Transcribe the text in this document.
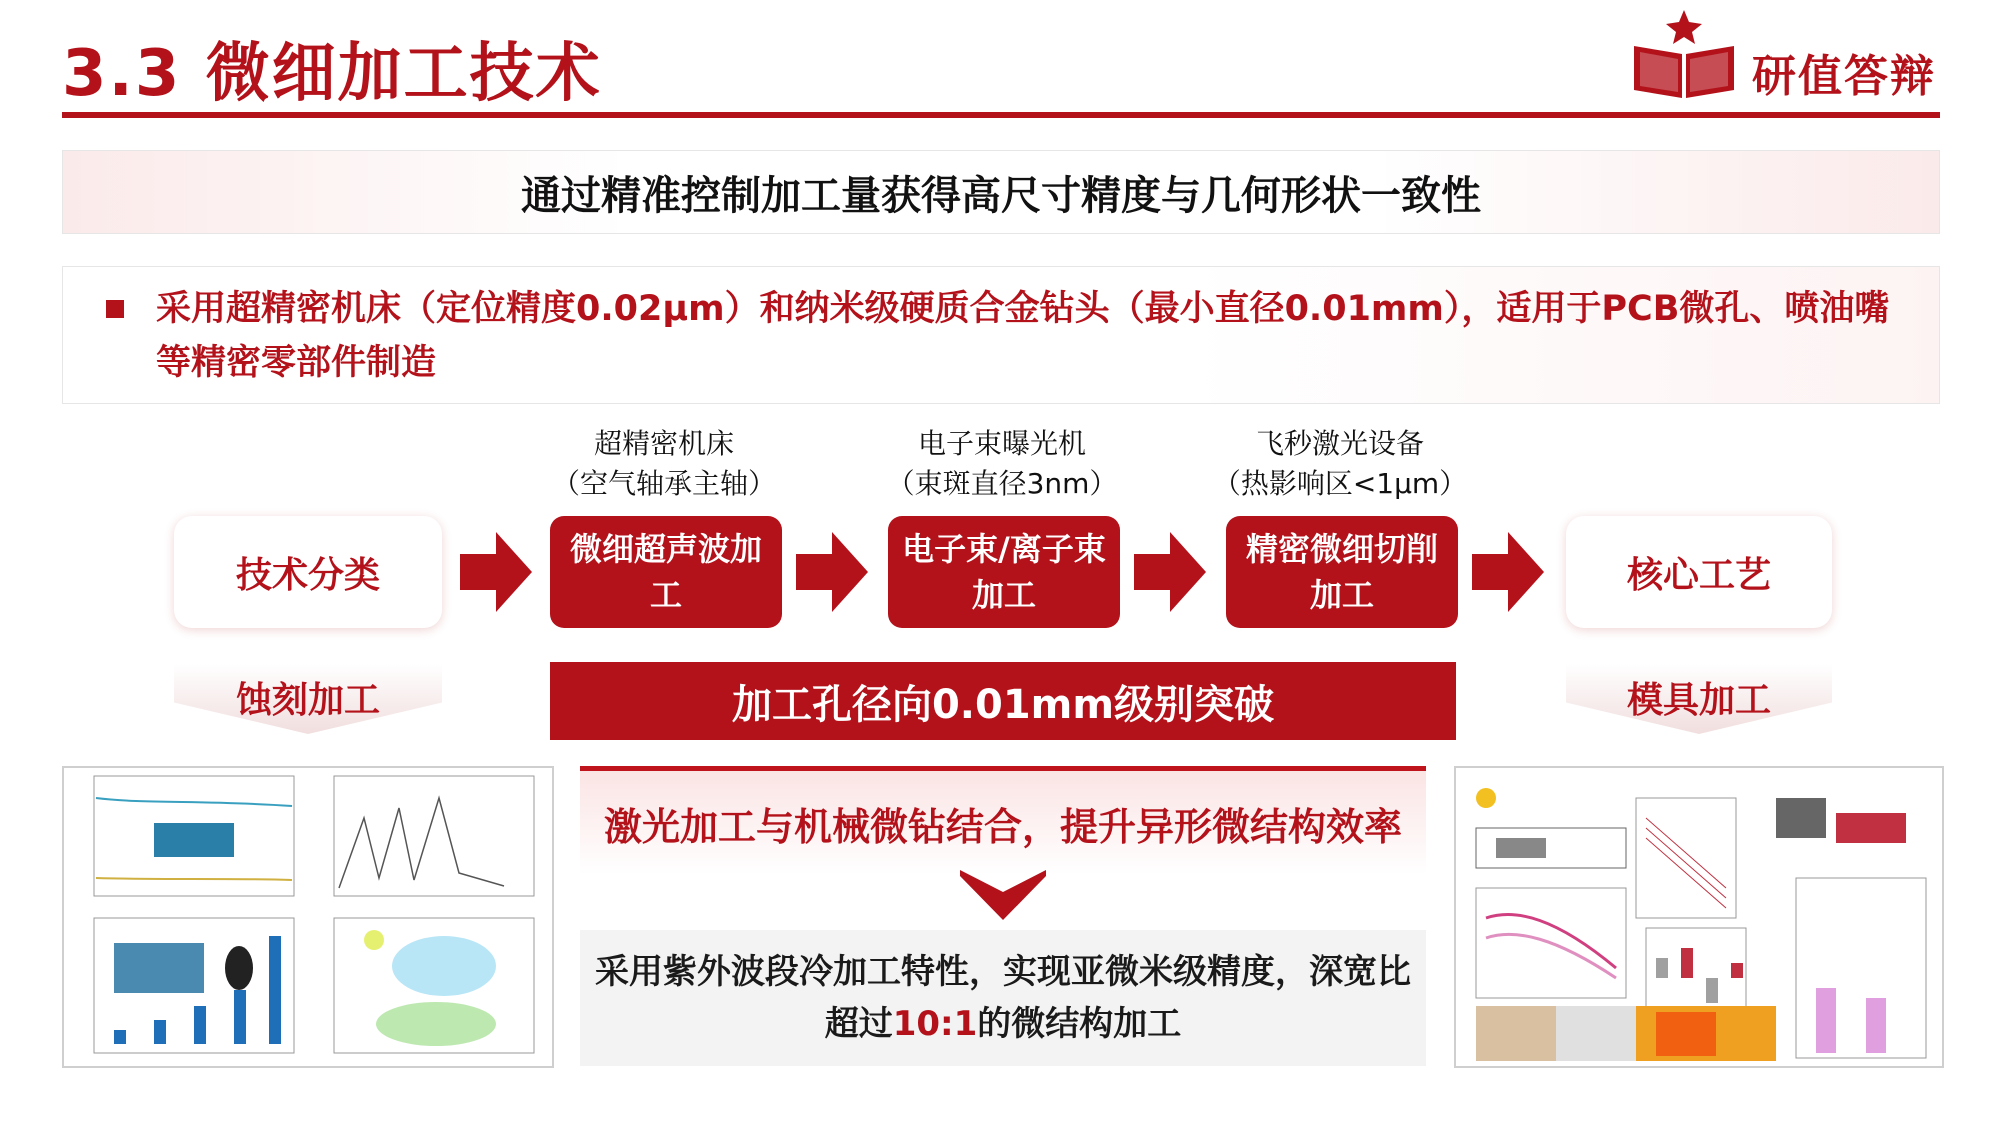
3.3 微细加工技术	研值答辩
通过精准控制加工量获得高尺寸精度与几何形状一致性
采用超精密机床（定位精度0.02μm）和纳米级硬质合金钻头（最小直径0.01mm），适用于PCB微孔、喷油嘴等精密零部件制造
超精密机床
（空气轴承主轴）
电子束曝光机
（束斑直径3nm）
飞秒激光设备
（热影响区<1μm）
技术分类
微细超声波加工
电子束/离子束加工
精密微细切削加工	核心工艺
蚀刻加工	模具加工
加工孔径向0.01mm级别突破
激光加工与机械微钻结合，提升异形微结构效率
采用紫外波段冷加工特性，实现亚微米级精度，深宽比超过10:1的微结构加工
